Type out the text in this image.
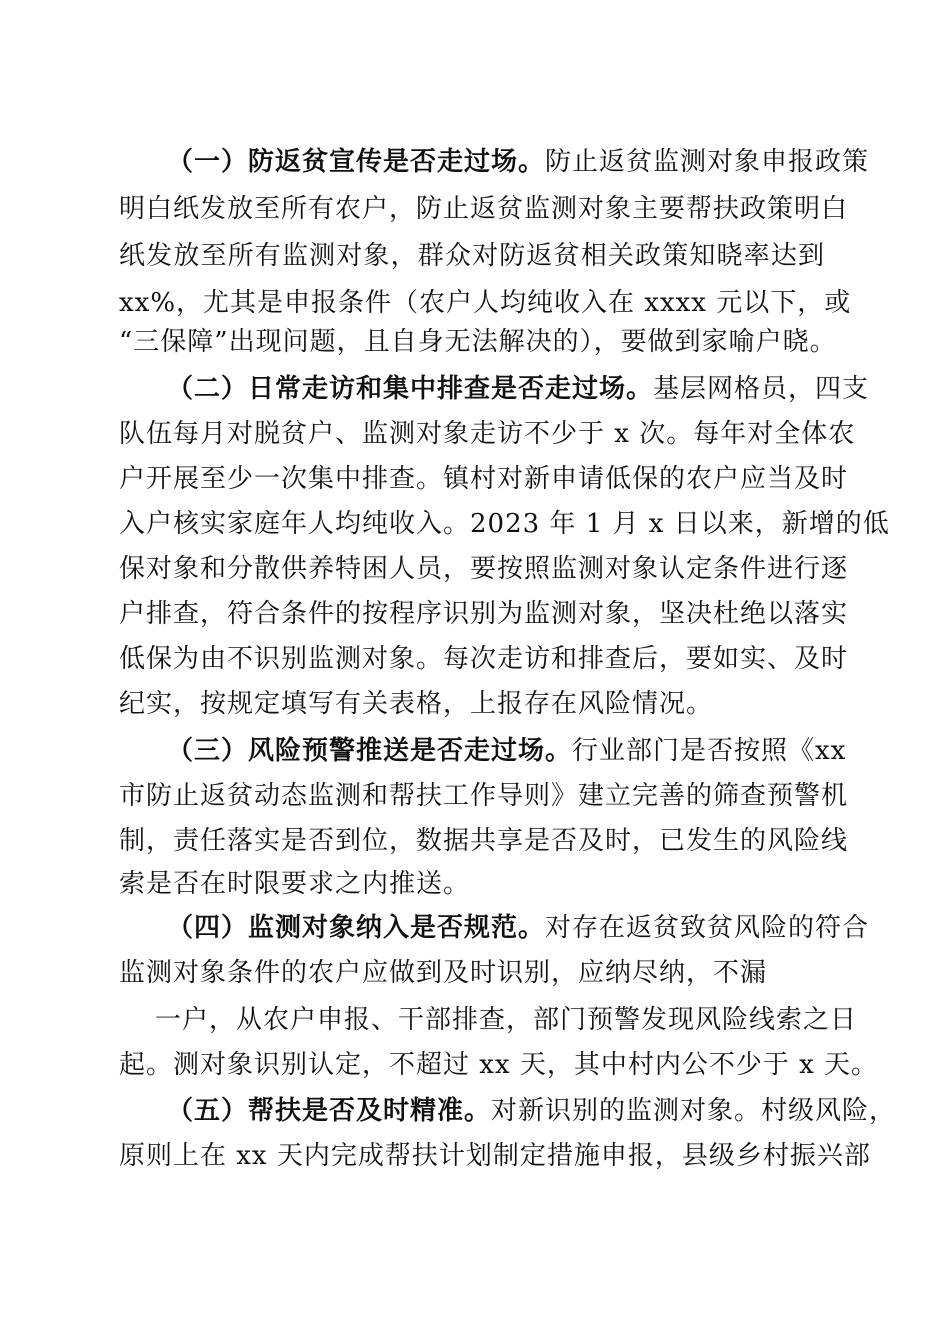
（一）防返贫宣传是否走过场。防止返贫监测对象申报政策
明白纸发放至所有农户，防止返贫监测对象主要帮扶政策明白
纸发放至所有监测对象，群众对防返贫相关政策知晓率达到
xx%，尤其是申报条件（农户人均纯收入在 xxxx 元以下，或
“三保障”出现问题，且自身无法解决的），要做到家喻户晓。
（二）日常走访和集中排查是否走过场。基层网格员，四支
队伍每月对脱贫户、监测对象走访不少于 x 次。每年对全体农
户开展至少一次集中排查。镇村对新申请低保的农户应当及时
入户核实家庭年人均纯收入。2023 年 1 月 x 日以来，新增的低
保对象和分散供养特困人员，要按照监测对象认定条件进行逐
户排查，符合条件的按程序识别为监测对象，坚决杜绝以落实
低保为由不识别监测对象。每次走访和排查后，要如实、及时
纪实，按规定填写有关表格，上报存在风险情况。
（三）风险预警推送是否走过场。行业部门是否按照《xx
市防止返贫动态监测和帮扶工作导则》建立完善的筛查预警机
制，责任落实是否到位，数据共享是否及时，已发生的风险线
索是否在时限要求之内推送。
（四）监测对象纳入是否规范。对存在返贫致贫风险的符合
监测对象条件的农户应做到及时识别，应纳尽纳，不漏
一户，从农户申报、干部排查，部门预警发现风险线索之日
起。测对象识别认定，不超过 xx 天，其中村内公不少于 x 天。
（五）帮扶是否及时精准。对新识别的监测对象。村级风险，
原则上在 xx 天内完成帮扶计划制定措施申报，县级乡村振兴部
